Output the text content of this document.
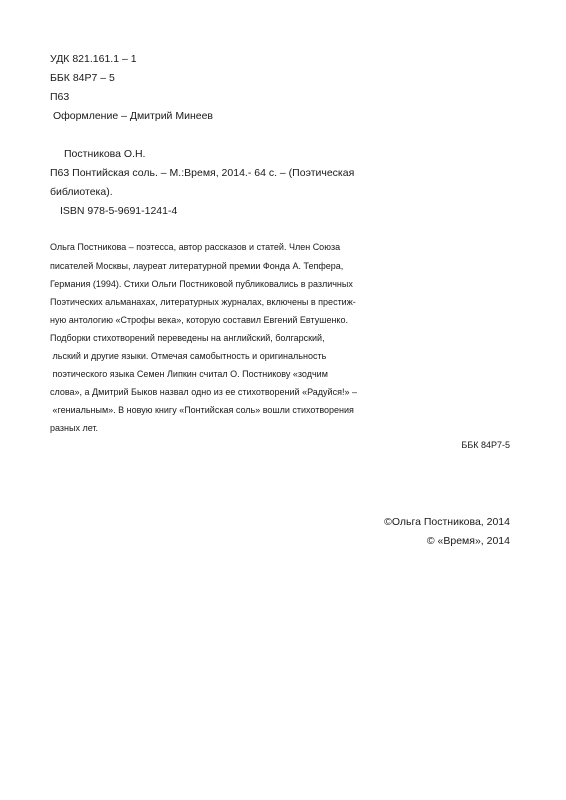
УДК 821.161.1 – 1
ББК 84Р7 – 5
П63
Оформление – Дмитрий Минеев
Постникова О.Н.
П63 Понтийская соль. – М.:Время, 2014.- 64 с. – (Поэтическая
библиотека).
ISBN 978-5-9691-1241-4
Ольга Постникова – поэтесса, автор рассказов и статей. Член Союза
писателей Москвы, лауреат литературной премии Фонда А. Тепфера,
Германия (1994). Стихи Ольги Постниковой публиковались в различных
Поэтических альманахах, литературных журналах, включены в престиж-
ную антологию «Строфы века», которую составил Евгений Евтушенко.
Подборки стихотворений переведены на английский, болгарский,
льский и другие языки. Отмечая самобытность и оригинальность
поэтического языка Семен Липкин считал О. Постникову «зодчим
слова», а Дмитрий Быков назвал одно из ее стихотворений «Радуйся!» –
«гениальным». В новую книгу «Понтийская соль» вошли стихотворения
разных лет.
ББК 84Р7-5
©Ольга Постникова, 2014
© «Время», 2014
